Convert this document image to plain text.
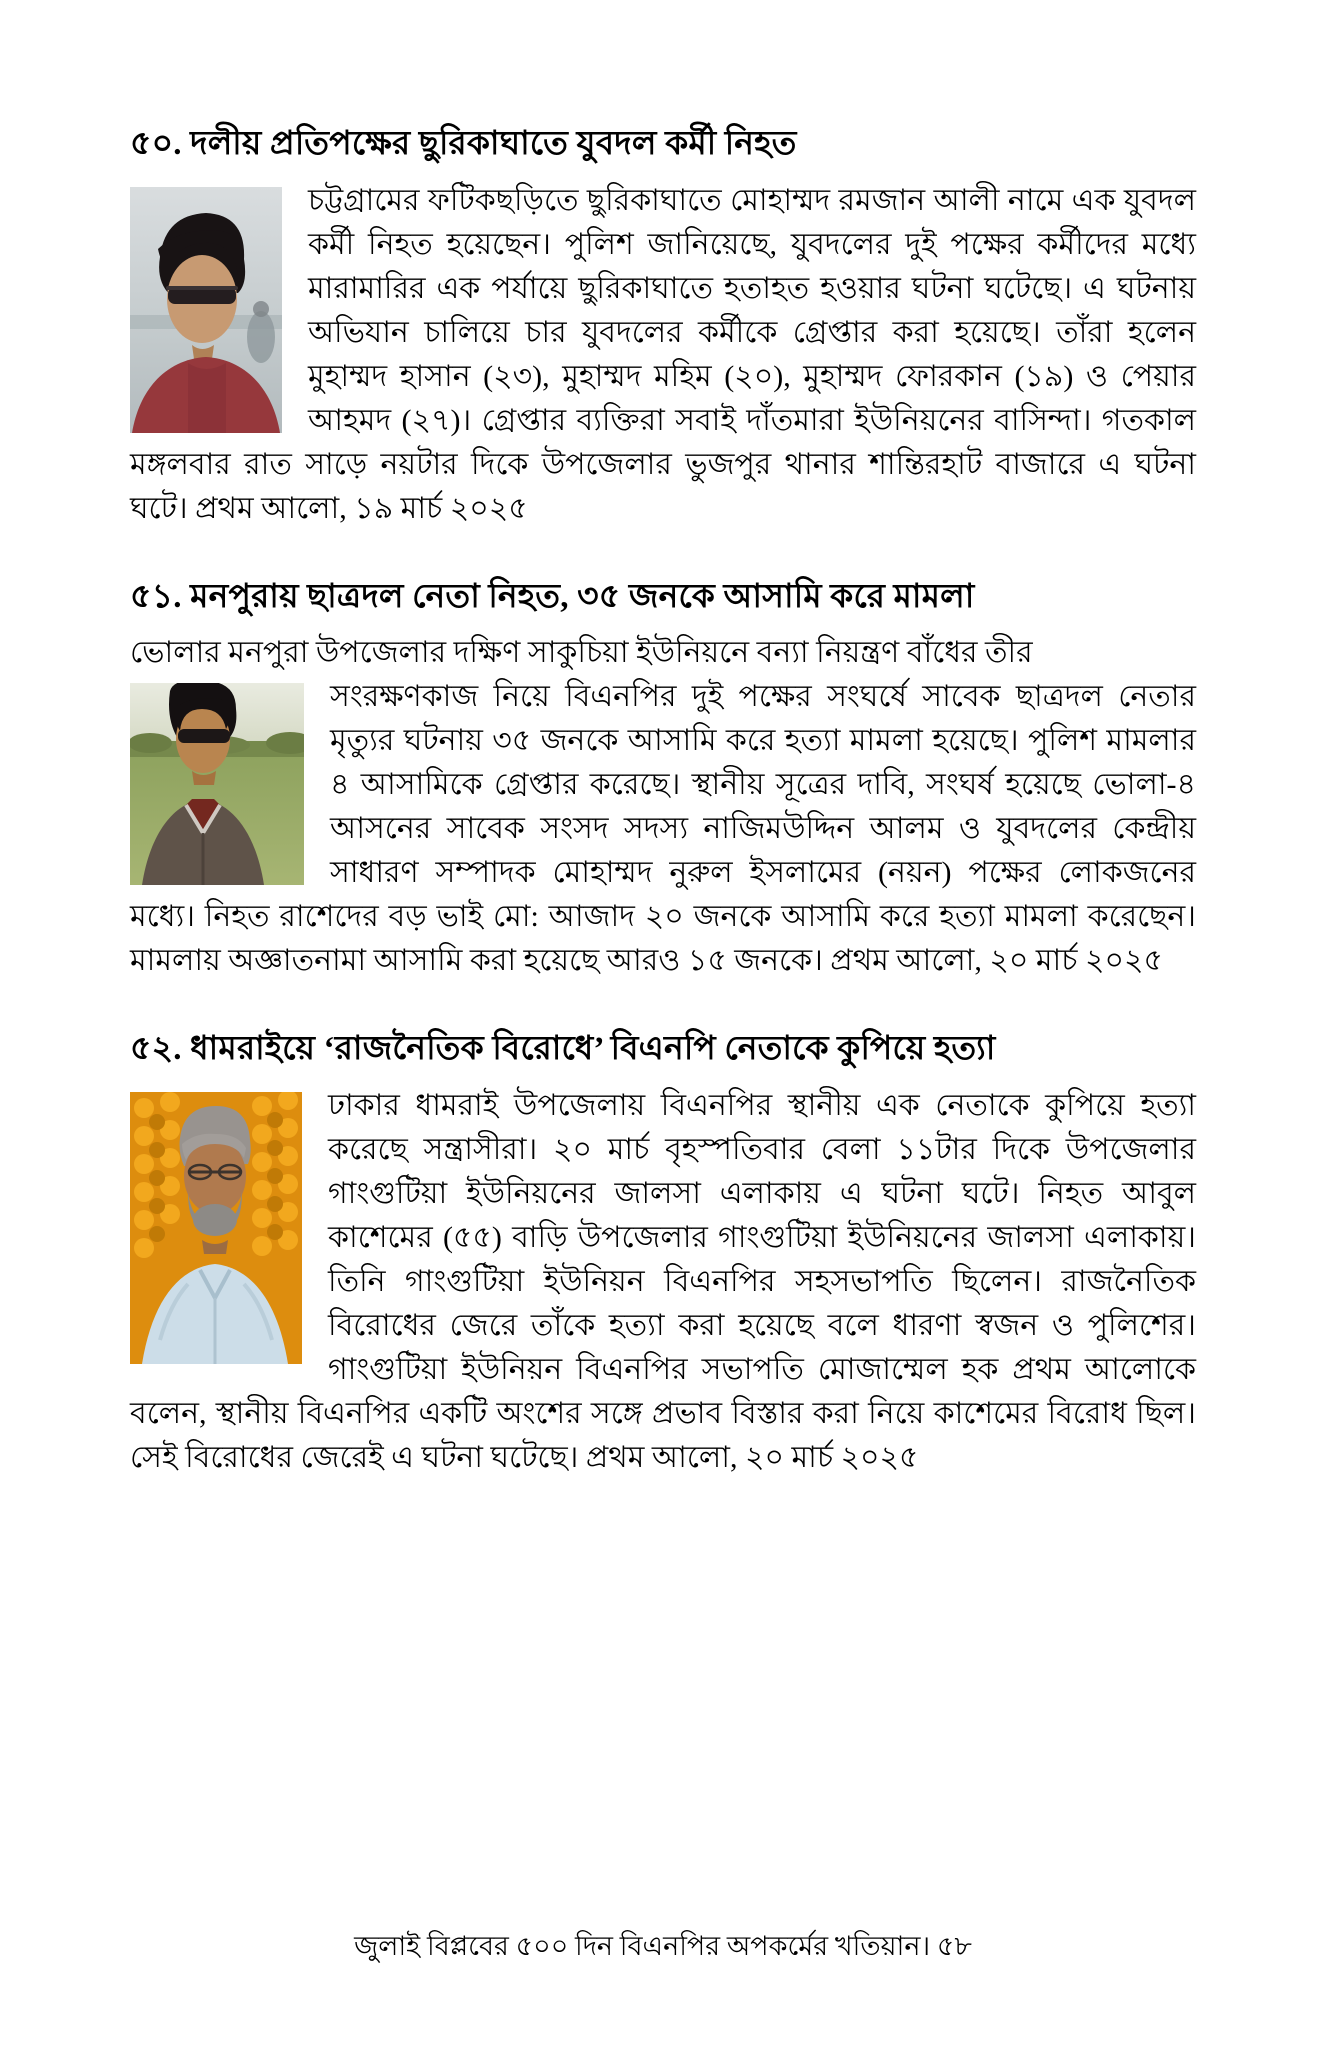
৫০. দলীয় প্রতিপক্ষের ছুরিকাঘাতে যুবদল কর্মী নিহত
চট্টগ্রামের ফটিকছড়িতে ছুরিকাঘাতে মোহাম্মদ রমজান আলী নামে এক যুবদল কর্মী নিহত হয়েছেন। পুলিশ জানিয়েছে, যুবদলের দুই পক্ষের কর্মীদের মধ্যে মারামারির এক পর্যায়ে ছুরিকাঘাতে হতাহত হওয়ার ঘটনা ঘটেছে। এ ঘটনায় অভিযান চালিয়ে চার যুবদলের কর্মীকে গ্রেপ্তার করা হয়েছে। তাঁরা হলেন মুহাম্মদ হাসান (২৩), মুহাম্মদ মহিম (২০), মুহাম্মদ ফোরকান (১৯) ও পেয়ার আহমদ (২৭)। গ্রেপ্তার ব্যক্তিরা সবাই দাঁতমারা ইউনিয়নের বাসিন্দা। গতকাল মঙ্গলবার রাত সাড়ে নয়টার দিকে উপজেলার ভুজপুর থানার শান্তিরহাট বাজারে এ ঘটনা ঘটে। প্রথম আলো, ১৯ মার্চ ২০২৫
৫১. মনপুরায় ছাত্রদল নেতা নিহত, ৩৫ জনকে আসামি করে মামলা

ভোলার মনপুরা উপজেলার দক্ষিণ সাকুচিয়া ইউনিয়নে বন্যা নিয়ন্ত্রণ বাঁধের তীর

সংরক্ষণকাজ নিয়ে বিএনপির দুই পক্ষের সংঘর্ষে সাবেক ছাত্রদল নেতার মৃত্যুর ঘটনায় ৩৫ জনকে আসামি করে হত্যা মামলা হয়েছে। পুলিশ মামলার ৪ আসামিকে গ্রেপ্তার করেছে। স্থানীয় সূত্রের দাবি, সংঘর্ষ হয়েছে ভোলা-৪ আসনের সাবেক সংসদ সদস্য নাজিমউদ্দিন আলম ও যুবদলের কেন্দ্রীয় সাধারণ সম্পাদক মোহাম্মদ নুরুল ইসলামের (নয়ন) পক্ষের লোকজনের মধ্যে। নিহত রাশেদের বড় ভাই মো: আজাদ ২০ জনকে আসামি করে হত্যা মামলা করেছেন। মামলায় অজ্ঞাতনামা আসামি করা হয়েছে আরও ১৫ জনকে। প্রথম আলো, ২০ মার্চ ২০২৫
৫২. ধামরাইয়ে ‘রাজনৈতিক বিরোধে’ বিএনপি নেতাকে কুপিয়ে হত্যা
ঢাকার ধামরাই উপজেলায় বিএনপির স্থানীয় এক নেতাকে কুপিয়ে হত্যা করেছে সন্ত্রাসীরা। ২০ মার্চ বৃহস্পতিবার বেলা ১১টার দিকে উপজেলার গাংগুটিয়া ইউনিয়নের জালসা এলাকায় এ ঘটনা ঘটে। নিহত আবুল কাশেমের (৫৫) বাড়ি উপজেলার গাংগুটিয়া ইউনিয়নের জালসা এলাকায়। তিনি গাংগুটিয়া ইউনিয়ন বিএনপির সহসভাপতি ছিলেন। রাজনৈতিক বিরোধের জেরে তাঁকে হত্যা করা হয়েছে বলে ধারণা স্বজন ও পুলিশের। গাংগুটিয়া ইউনিয়ন বিএনপির সভাপতি মোজাম্মেল হক প্রথম আলোকে বলেন, স্থানীয় বিএনপির একটি অংশের সঙ্গে প্রভাব বিস্তার করা নিয়ে কাশেমের বিরোধ ছিল। সেই বিরোধের জেরেই এ ঘটনা ঘটেছে। প্রথম আলো, ২০ মার্চ ২০২৫
জুলাই বিপ্লবের ৫০০ দিন বিএনপির অপকর্মের খতিয়ান। ৫৮
